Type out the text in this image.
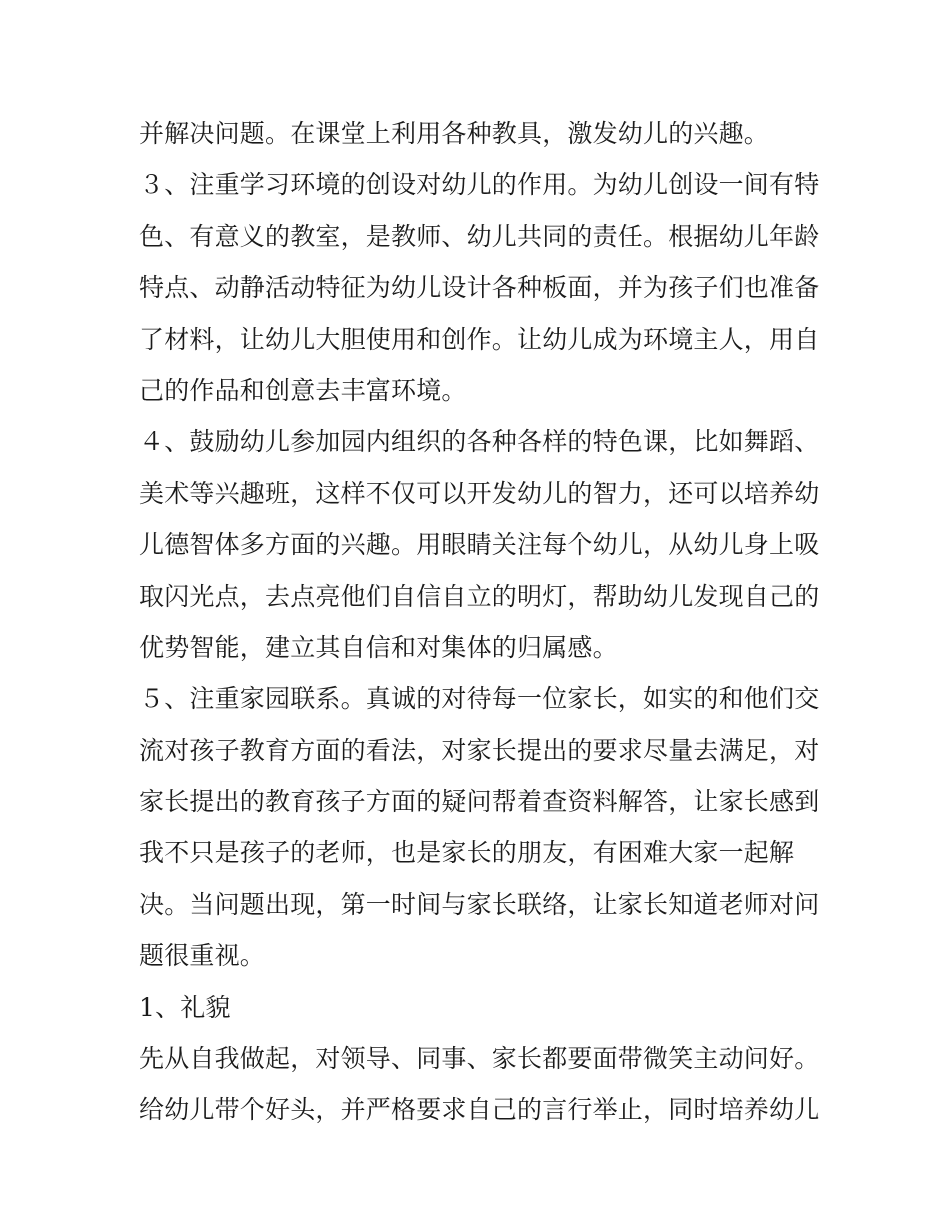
并解决问题。在课堂上利用各种教具，激发幼儿的兴趣。
３、注重学习环境的创设对幼儿的作用。为幼儿创设一间有特
色、有意义的教室，是教师、幼儿共同的责任。根据幼儿年龄
特点、动静活动特征为幼儿设计各种板面，并为孩子们也准备
了材料，让幼儿大胆使用和创作。让幼儿成为环境主人，用自
己的作品和创意去丰富环境。
４、鼓励幼儿参加园内组织的各种各样的特色课，比如舞蹈、
美术等兴趣班，这样不仅可以开发幼儿的智力，还可以培养幼
儿德智体多方面的兴趣。用眼睛关注每个幼儿，从幼儿身上吸
取闪光点，去点亮他们自信自立的明灯，帮助幼儿发现自己的
优势智能，建立其自信和对集体的归属感。
５、注重家园联系。真诚的对待每一位家长，如实的和他们交
流对孩子教育方面的看法，对家长提出的要求尽量去满足，对
家长提出的教育孩子方面的疑问帮着查资料解答，让家长感到
我不只是孩子的老师，也是家长的朋友，有困难大家一起解
决。当问题出现，第一时间与家长联络，让家长知道老师对问
题很重视。
1、礼貌
先从自我做起，对领导、同事、家长都要面带微笑主动问好。
给幼儿带个好头，并严格要求自己的言行举止，同时培养幼儿
